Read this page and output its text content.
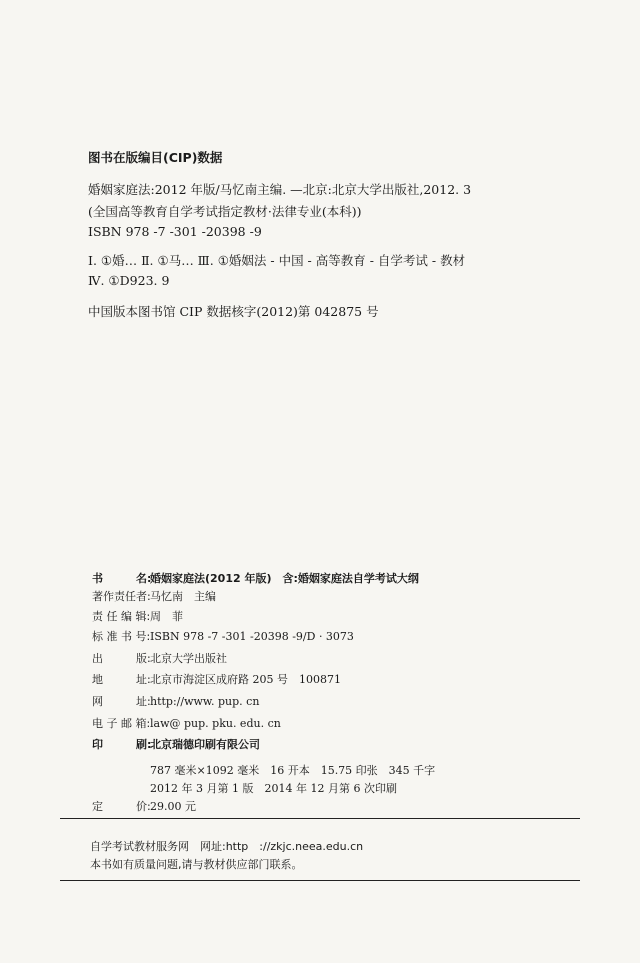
图书在版编目(CIP)数据
婚姻家庭法:2012 年版/马忆南主编. —北京:北京大学出版社,2012. 3
(全国高等教育自学考试指定教材·法律专业(本科))
ISBN 978 -7 -301 -20398 -9
Ⅰ. ①婚… Ⅱ. ①马… Ⅲ. ①婚姻法 - 中国 - 高等教育 - 自学考试 - 教材
Ⅳ. ①D923. 9
中国版本图书馆 CIP 数据核字(2012)第 042875 号
书　　　名:婚姻家庭法(2012 年版)　含:婚姻家庭法自学考试大纲
著作责任者:马忆南　主编
责 任 编 辑:周　菲
标 准 书 号:ISBN 978 -7 -301 -20398 -9/D · 3073
出　　　版:北京大学出版社
地　　　址:北京市海淀区成府路 205 号　100871
网　　　址:http://www. pup. cn
电 子 邮 箱:law@ pup. pku. edu. cn
印　　　刷:北京瑞德印刷有限公司
定　　　价:29.00 元
787 毫米×1092 毫米　16 开本　15.75 印张　345 千字
2012 年 3 月第 1 版　2014 年 12 月第 6 次印刷
自学考试教材服务网　网址:http　://zkjc.neea.edu.cn
本书如有质量问题,请与教材供应部门联系。
